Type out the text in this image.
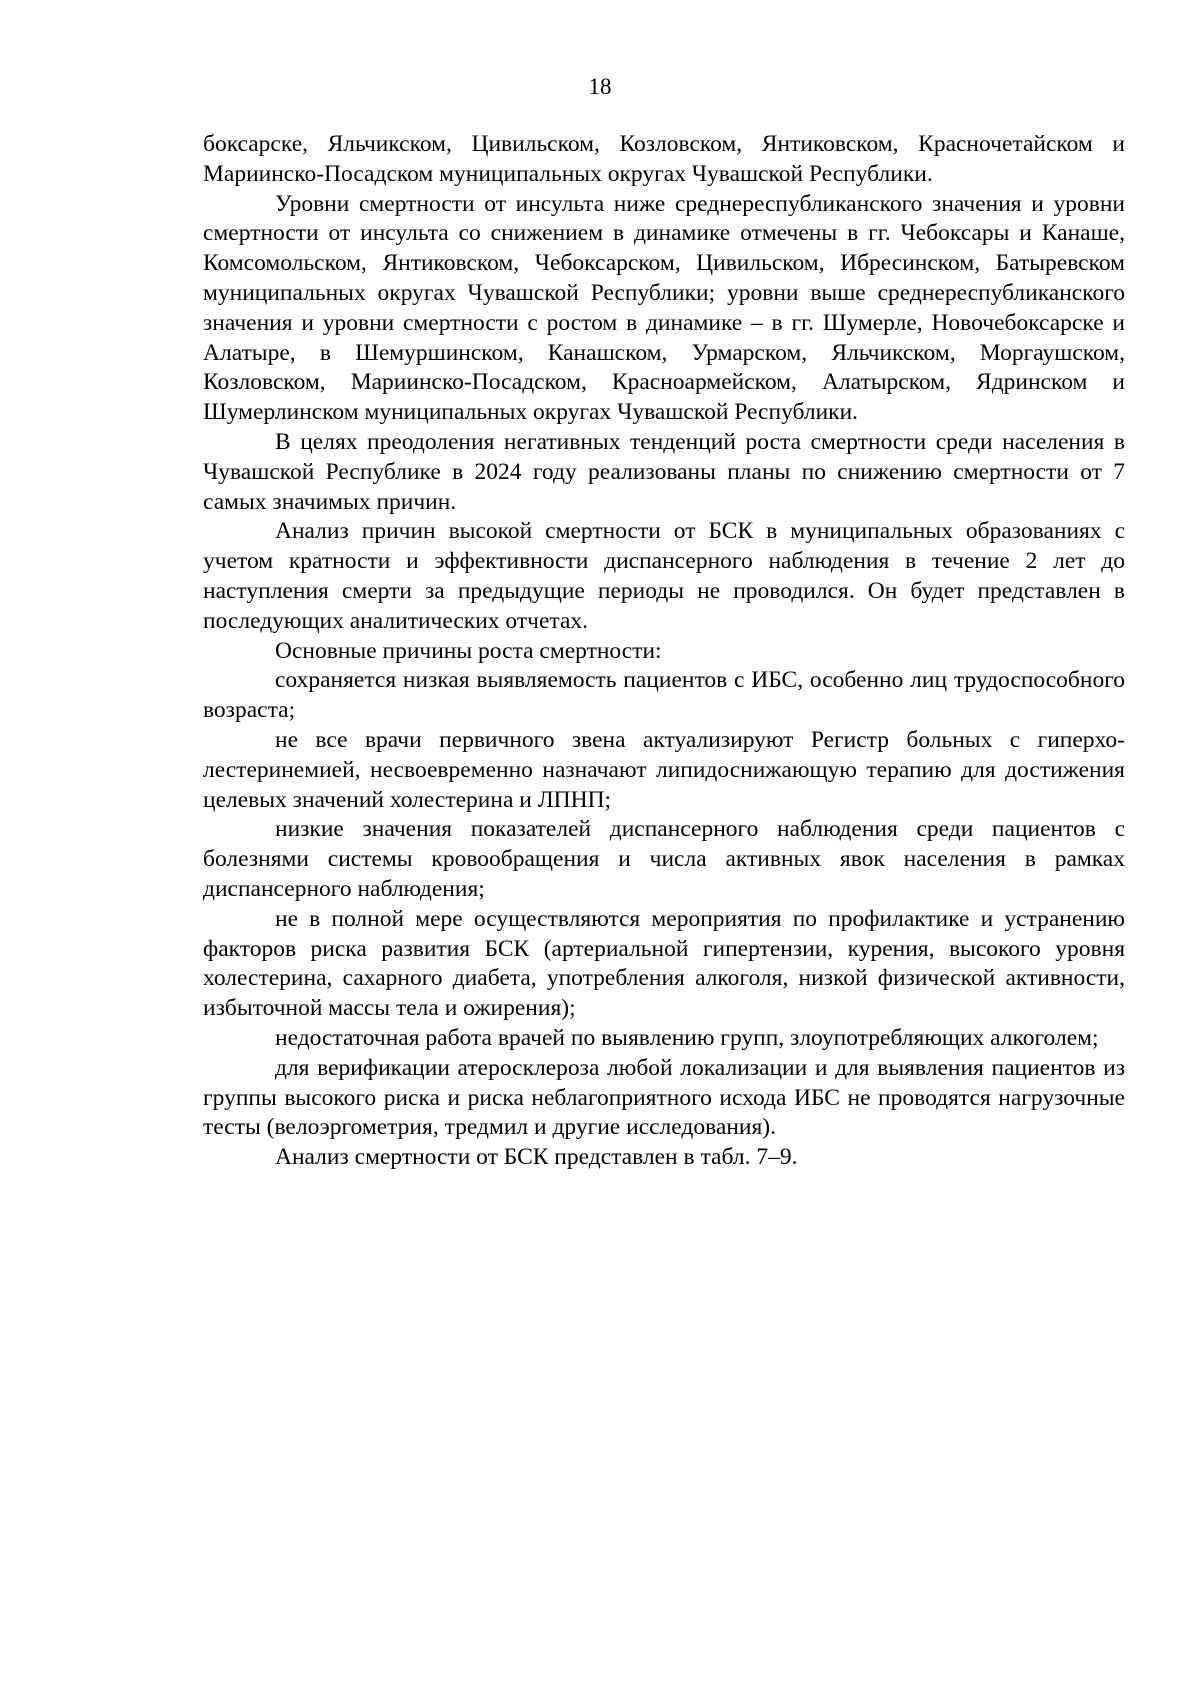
18

боксарске, Яльчикском, Цивильском, Козловском, Янтиковском, Красночетайском и Мариинско-Посадском муниципальных округах Чувашской Республики.

Уровни смертности от инсульта ниже среднереспубликанского значения и уровни смертности от инсульта со снижением в динамике отмечены в гг. Чебоксары и Канаше, Комсомольском, Янтиковском, Чебоксарском, Цивильском, Ибресинском, Батыревском муниципальных округах Чувашской Республики; уровни выше среднереспубликанского значения и уровни смертности с ростом в динамике – в гг. Шумерле, Новочебоксарске и Алатыре, в Шемуршинском, Канашском, Урмарском, Яльчикском, Моргаушском, Козловском, Мариинско-Посадском, Красноармейском, Алатырском, Ядринском и Шумерлинском муниципальных округах Чувашской Республики.

В целях преодоления негативных тенденций роста смертности среди населения в Чувашской Республике в 2024 году реализованы планы по снижению смертности от 7 самых значимых причин.

Анализ причин высокой смертности от БСК в муниципальных образованиях с учетом кратности и эффективности диспансерного наблюдения в течение 2 лет до наступления смерти за предыдущие периоды не проводился. Он будет представлен в последующих аналитических отчетах.

Основные причины роста смертности:

сохраняется низкая выявляемость пациентов с ИБС, особенно лиц трудоспособного возраста;

не все врачи первичного звена актуализируют Регистр больных с гиперхолестеринемией, несвоевременно назначают липидоснижающую терапию для достижения целевых значений холестерина и ЛПНП;

низкие значения показателей диспансерного наблюдения среди пациентов с болезнями системы кровообращения и числа активных явок населения в рамках диспансерного наблюдения;

не в полной мере осуществляются мероприятия по профилактике и устранению факторов риска развития БСК (артериальной гипертензии, курения, высокого уровня холестерина, сахарного диабета, употребления алкоголя, низкой физической активности, избыточной массы тела и ожирения);

недостаточная работа врачей по выявлению групп, злоупотребляющих алкоголем;

для верификации атеросклероза любой локализации и для выявления пациентов из группы высокого риска и риска неблагоприятного исхода ИБС не проводятся нагрузочные тесты (велоэргометрия, тредмил и другие исследования).

Анализ смертности от БСК представлен в табл. 7–9.
